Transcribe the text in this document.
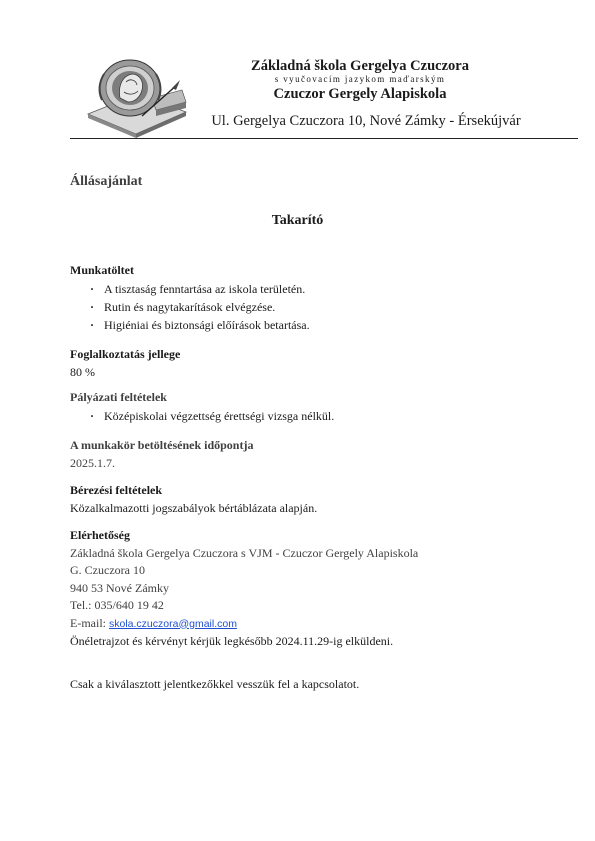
Základná škola Gergelya Czuczora
s vyučovacím jazykom maďarským
Czuczor Gergely Alapiskola
Ul. Gergelya Czuczora 10, Nové Zámky - Érsekújvár
Állásajánlat
Takarító
Munkatöltet
· A tisztaság fenntartása az iskola területén.
· Rutin és nagytakarítások elvégzése.
· Higiéniai és biztonsági előírások betartása.
Foglalkoztatás jellege
80 %
Pályázati feltételek
· Középiskolai végzettség érettségi vizsga nélkül.
A munkakör betöltésének időpontja
2025.1.7.
Bérezési feltételek
Közalkalmazotti jogszabályok bértáblázata alapján.
Elérhetőség
Základná škola Gergelya Czuczora s VJM - Czuczor Gergely Alapiskola
G. Czuczora 10
940 53 Nové Zámky
Tel.: 035/640 19 42
E-mail: skola.czuczora@gmail.com
Önéletrajzot és kérvényt kérjük legkésőbb 2024.11.29-ig elküldeni.
Csak a kiválasztott jelentkezőkkel vesszük fel a kapcsolatot.
